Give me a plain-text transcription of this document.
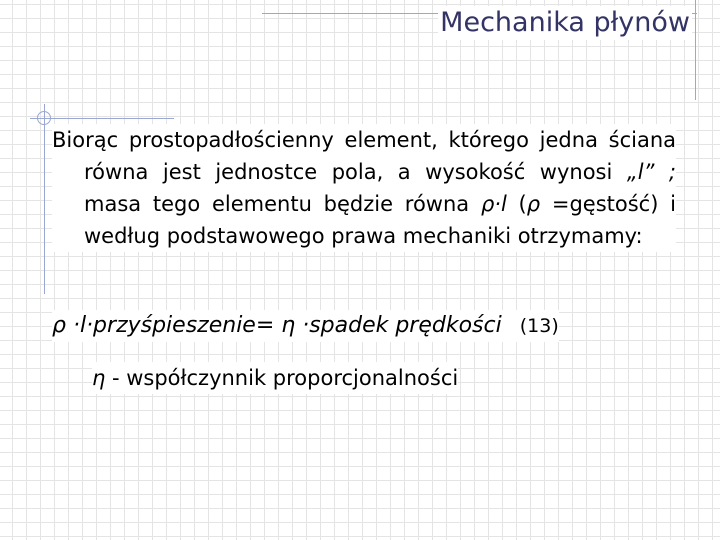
Mechanika płynów
Biorąc prostopadłościenny element, którego jedna ściana równa jest jednostce pola, a wysokość wynosi „l” ; masa tego elementu będzie równa ρ·l (ρ =gęstość) i według podstawowego prawa mechaniki otrzymamy:
ρ ·l·przyśpieszenie= η ·spadek prędkości (13)
η - współczynnik proporcjonalności
